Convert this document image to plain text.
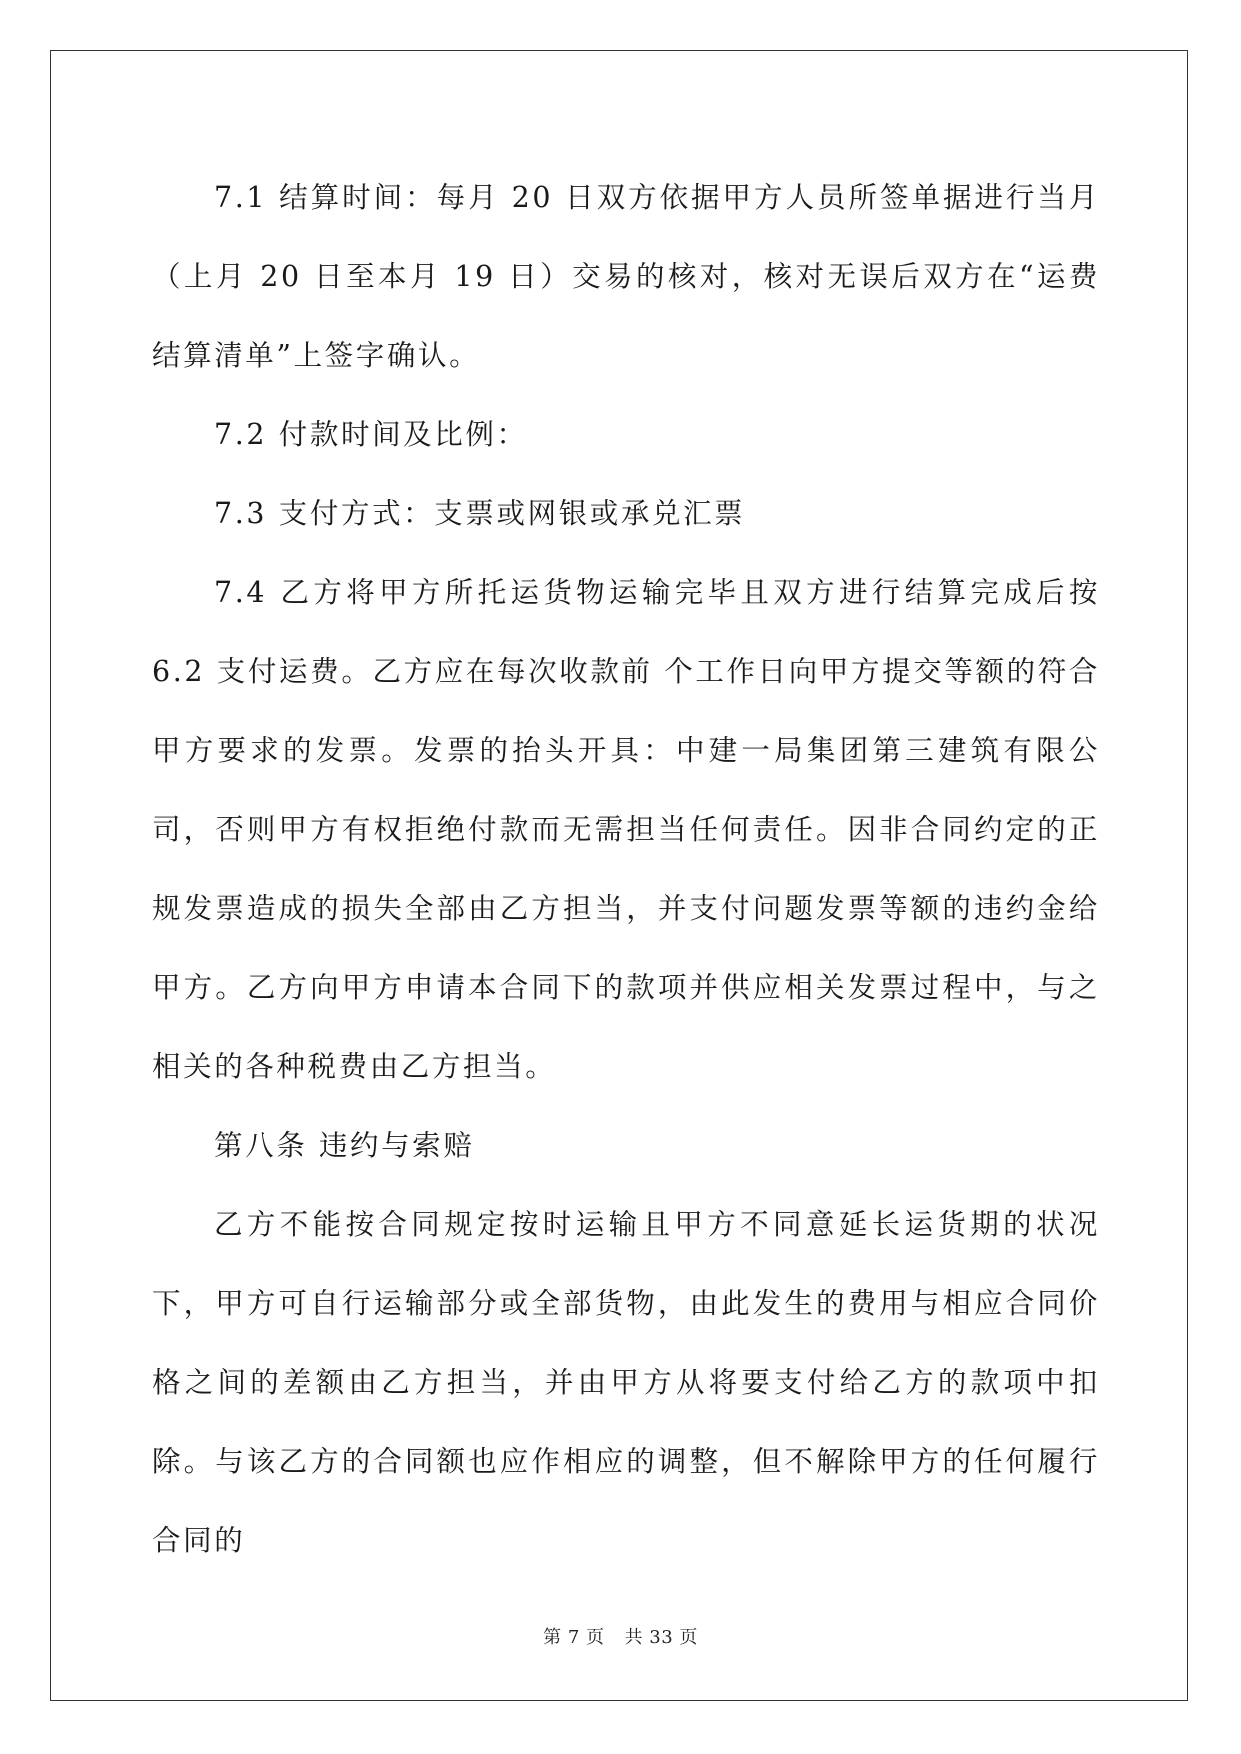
7.1 结算时间：每月 20 日双方依据甲方人员所签单据进行当月（上月 20 日至本月 19 日）交易的核对，核对无误后双方在“运费结算清单”上签字确认。

7.2 付款时间及比例：

7.3 支付方式：支票或网银或承兑汇票

7.4 乙方将甲方所托运货物运输完毕且双方进行结算完成后按 6.2 支付运费。乙方应在每次收款前 个工作日向甲方提交等额的符合甲方要求的发票。发票的抬头开具：中建一局集团第三建筑有限公司，否则甲方有权拒绝付款而无需担当任何责任。因非合同约定的正规发票造成的损失全部由乙方担当，并支付问题发票等额的违约金给甲方。乙方向甲方申请本合同下的款项并供应相关发票过程中，与之相关的各种税费由乙方担当。

第八条 违约与索赔

乙方不能按合同规定按时运输且甲方不同意延长运货期的状况下，甲方可自行运输部分或全部货物，由此发生的费用与相应合同价格之间的差额由乙方担当，并由甲方从将要支付给乙方的款项中扣除。与该乙方的合同额也应作相应的调整，但不解除甲方的任何履行合同的

第 7 页 共 33 页
